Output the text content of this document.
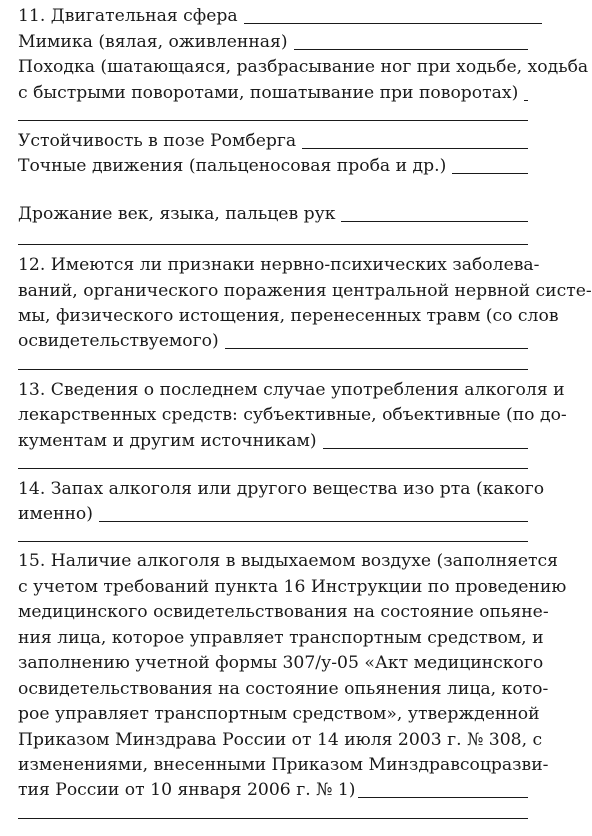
11. Двигательная сфера
Мимика (вялая, оживленная)
Походка (шатающаяся, разбрасывание ног при ходьбе, ходьба
с быстрыми поворотами, пошатывание при поворотах)
Устойчивость в позе Ромберга
Точные движения (пальценосовая проба и др.)
Дрожание век, языка, пальцев рук
12. Имеются ли признаки нервно-психических заболева-
ваний, органического поражения центральной нервной систе-
мы, физического истощения, перенесенных травм (со слов
освидетельствуемого)
13. Сведения о последнем случае употребления алкоголя и
лекарственных средств: субъективные, объективные (по до-
кументам и другим источникам)
14. Запах алкоголя или другого вещества изо рта (какого
именно)
15. Наличие алкоголя в выдыхаемом воздухе (заполняется
с учетом требований пункта 16 Инструкции по проведению
медицинского освидетельствования на состояние опьяне-
ния лица, которое управляет транспортным средством, и
заполнению учетной формы 307/у-05 «Акт медицинского
освидетельствования на состояние опьянения лица, кото-
рое управляет транспортным средством», утвержденной
Приказом Минздрава России от 14 июля 2003 г. № 308, с
изменениями, внесенными Приказом Минздравсоцразви-
тия России от 10 января 2006 г. № 1)
